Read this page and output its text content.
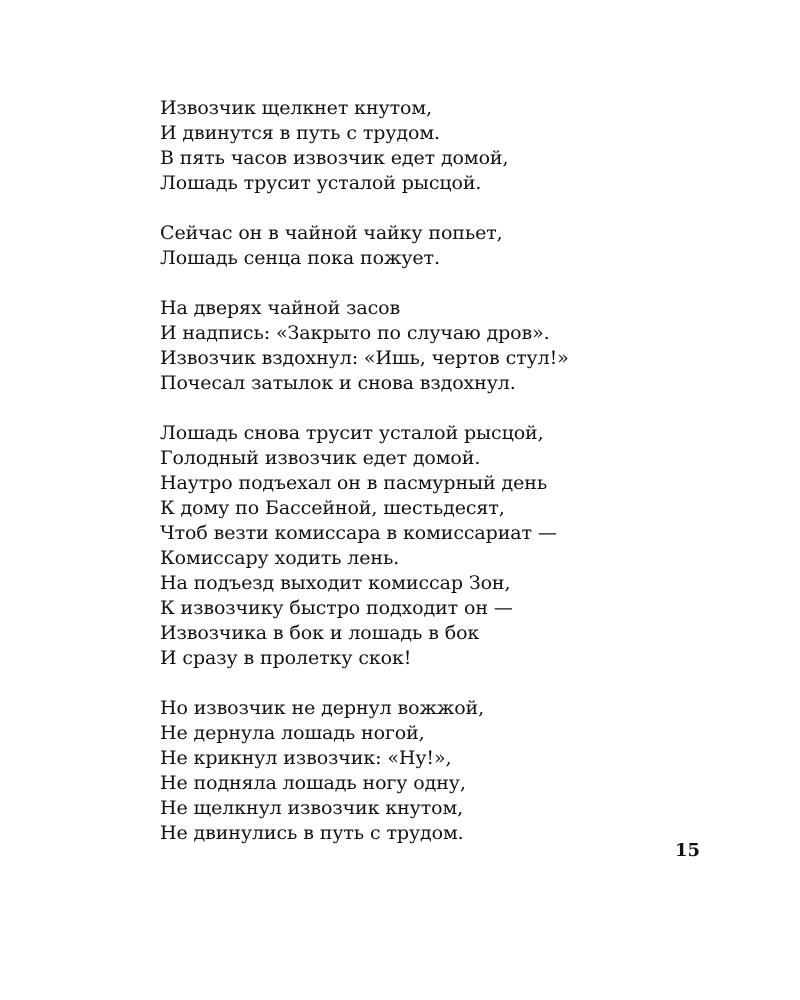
Извозчик щелкнет кнутом,
И двинутся в путь с трудом.
В пять часов извозчик едет домой,
Лошадь трусит усталой рысцой.
Сейчас он в чайной чайку попьет,
Лошадь сенца пока пожует.
На дверях чайной засов
И надпись: «Закрыто по случаю дров».
Извозчик вздохнул: «Ишь, чертов стул!»
Почесал затылок и снова вздохнул.
Лошадь снова трусит усталой рысцой,
Голодный извозчик едет домой.
Наутро подъехал он в пасмурный день
К дому по Бассейной, шестьдесят,
Чтоб везти комиссара в комиссариат —
Комиссару ходить лень.
На подъезд выходит комиссар Зон,
К извозчику быстро подходит он —
Извозчика в бок и лошадь в бок
И сразу в пролетку скок!
Но извозчик не дернул вожжой,
Не дернула лошадь ногой,
Не крикнул извозчик: «Ну!»,
Не подняла лошадь ногу одну,
Не щелкнул извозчик кнутом,
Не двинулись в путь с трудом.
15
